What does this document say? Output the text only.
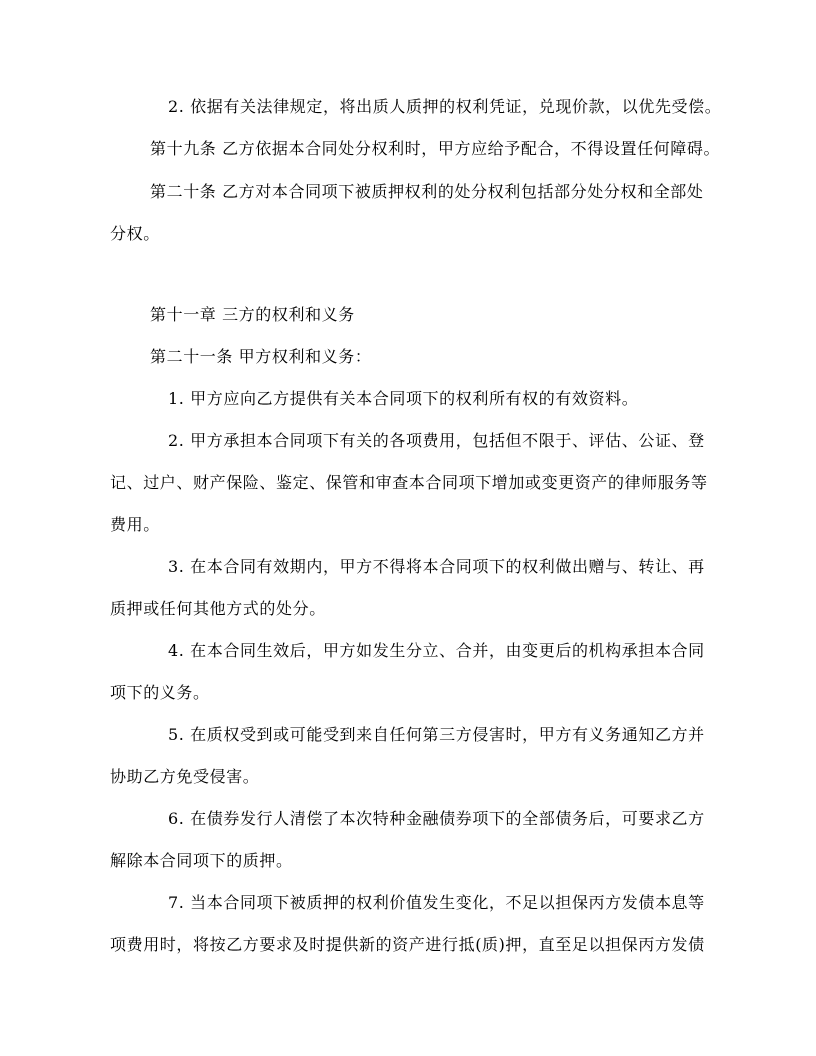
2. 依据有关法律规定，将出质人质押的权利凭证，兑现价款，以优先受偿。
第十九条 乙方依据本合同处分权利时，甲方应给予配合，不得设置任何障碍。
第二十条 乙方对本合同项下被质押权利的处分权利包括部分处分权和全部处
分权。
第十一章 三方的权利和义务
第二十一条 甲方权利和义务：
1. 甲方应向乙方提供有关本合同项下的权利所有权的有效资料。
2. 甲方承担本合同项下有关的各项费用，包括但不限于、评估、公证、登
记、过户、财产保险、鉴定、保管和审查本合同项下增加或变更资产的律师服务等
费用。
3. 在本合同有效期内，甲方不得将本合同项下的权利做出赠与、转让、再
质押或任何其他方式的处分。
4. 在本合同生效后，甲方如发生分立、合并，由变更后的机构承担本合同
项下的义务。
5. 在质权受到或可能受到来自任何第三方侵害时，甲方有义务通知乙方并
协助乙方免受侵害。
6. 在债券发行人清偿了本次特种金融债券项下的全部债务后，可要求乙方
解除本合同项下的质押。
7. 当本合同项下被质押的权利价值发生变化，不足以担保丙方发债本息等
项费用时，将按乙方要求及时提供新的资产进行抵(质)押，直至足以担保丙方发债
